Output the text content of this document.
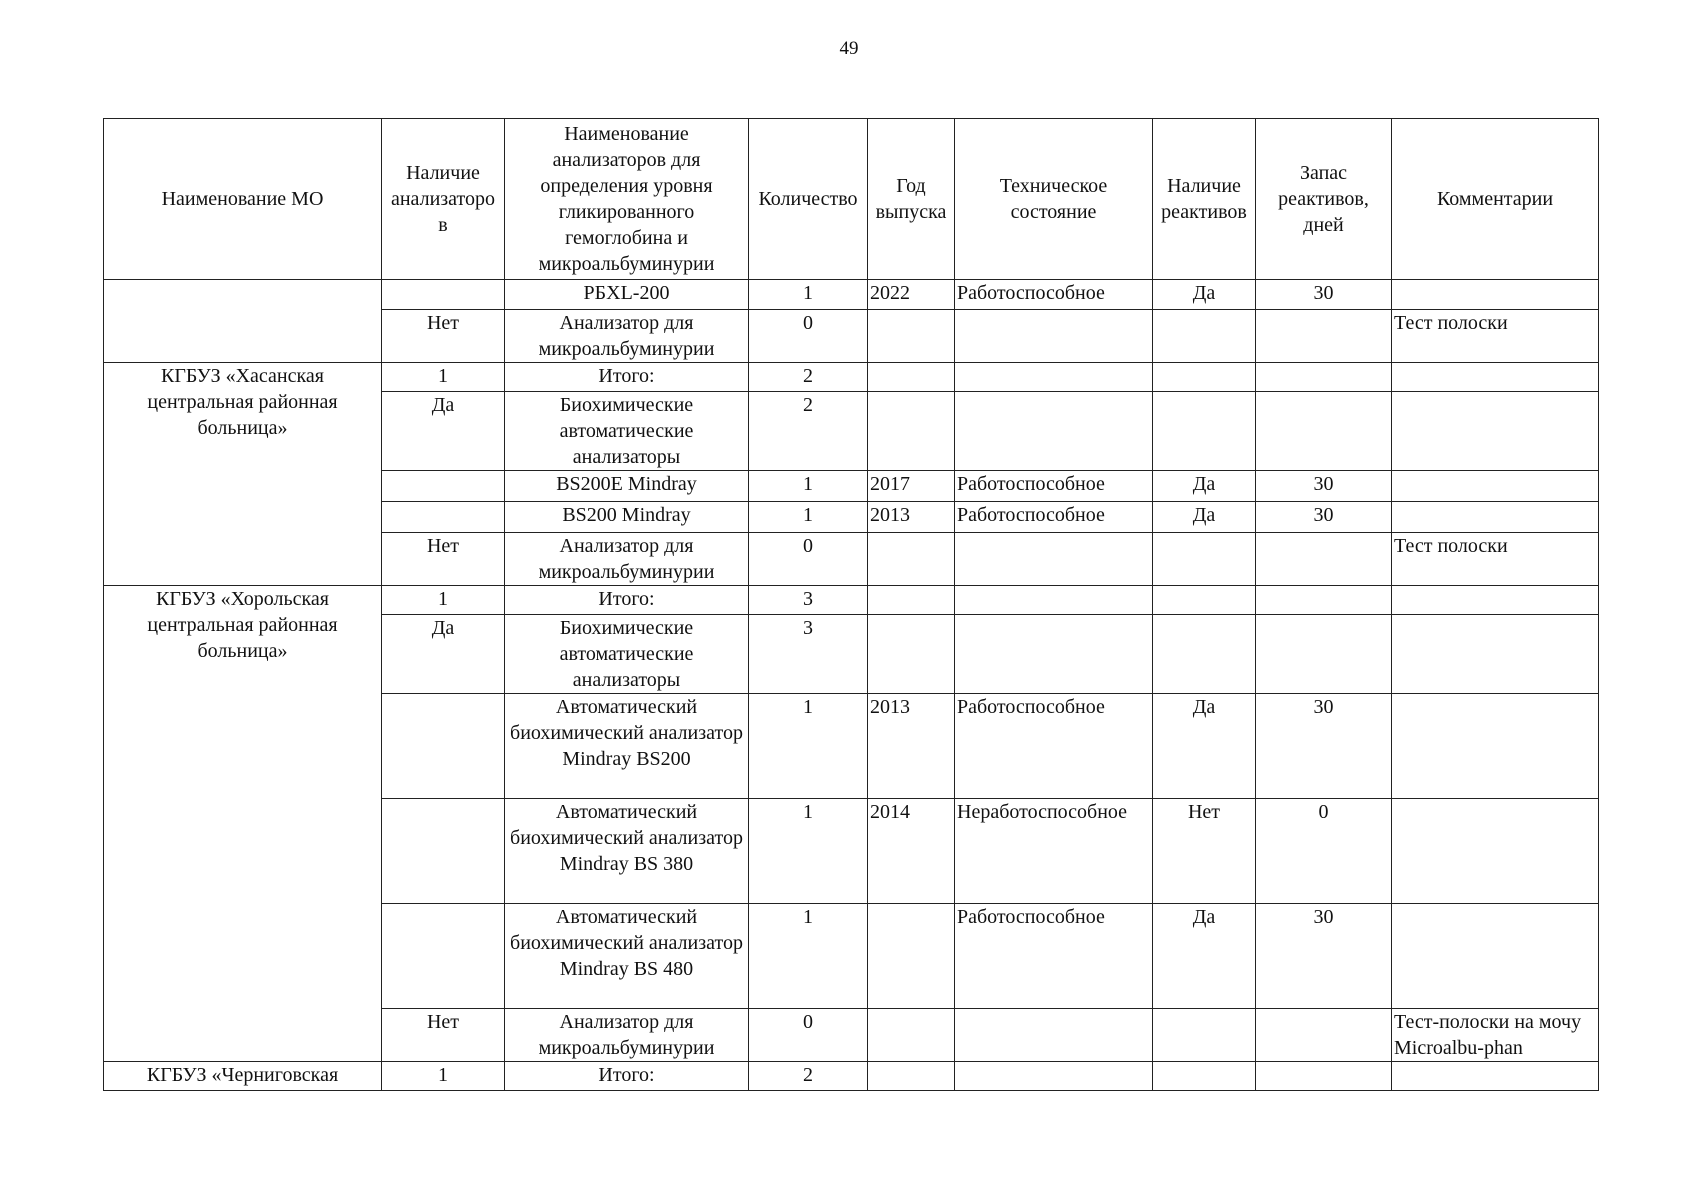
49
Наименование МО	Наличие анализаторо в	Наименование анализаторов для определения уровня гликированного гемоглобина и микроальбуминурии	Количество	Год выпуска	Техническое состояние	Наличие реактивов	Запас реактивов, дней	Комментарии
		PБXL-200	1	2022	Работоспособное	Да	30	
	Нет	Анализатор для микроальбуминурии	0					Тест полоски
КГБУЗ «Хасанская центральная районная больница»	1	Итого:	2					
	Да	Биохимические автоматические анализаторы	2					
		BS200E Mindray	1	2017	Работоспособное	Да	30	
		BS200 Mindray	1	2013	Работоспособное	Да	30	
	Нет	Анализатор для микроальбуминурии	0					Тест полоски
КГБУЗ «Хорольская центральная районная больница»	1	Итого:	3					
	Да	Биохимические автоматические анализаторы	3					
		Автоматический биохимический анализатор Mindray BS200	1	2013	Работоспособное	Да	30	
		Автоматический биохимический анализатор Mindray BS 380	1	2014	Неработоспособное	Нет	0	
		Автоматический биохимический анализатор Mindray BS 480	1		Работоспособное	Да	30	
	Нет	Анализатор для микроальбуминурии	0					Тест-полоски на мочу Microalbu-phan
КГБУЗ «Черниговская	1	Итого:	2					
